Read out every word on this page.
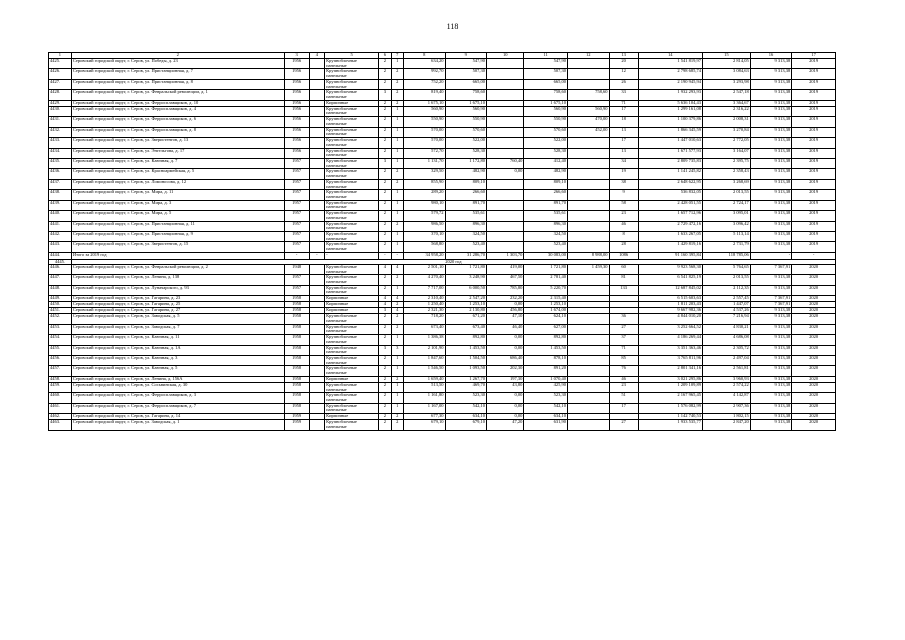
118
1	2	3	4	5	6	7	8	9	10	11	12	13	14	15	16	17
4425.	Серовский городской округ, г. Серов, ул. Победы, д. 23	1956		Крупноблочные панельные	2	1	634,20	547,90		547,90		20	1 541 819,97	2 814,05	9 313,38	2019
4426.	Серовский городской округ, г. Серов, ул. Пристанционная, д. 7	1956		Крупноблочные панельные	2	2	992,70	507,30		507,30		12	2 798 685,74	3 084,63	9 313,38	2019
4427.	Серовский городской округ, г. Серов, ул. Пристанционная, д. 8	1956		Крупноблочные панельные	2	2	752,20	665,00		665,00		26	2 190 945,94	3 293,98	9 313,38	2019
4428.	Серовский городской округ, г. Серов, ул. Февральской революции, д. 1	1956		Крупноблочные панельные	3	2	819,40	758,60		758,60	758,60	33	1 932 293,93	2 547,18	9 313,38	2019
4429.	Серовский городской округ, г. Серов, ул. Ферросплавщиков, д. 10	1956		Кирпичные	2	2	1 675,10	1 675,10		1 675,10		71	5 636 104,43	3 364,67	9 313,38	2019
4430.	Серовский городской округ, г. Серов, ул. Ферросплавщиков, д. 4	1956		Крупноблочные панельные	2	1	560,90	560,90		560,90	560,90	17	1 299 161,08	2 316,22	9 313,38	2019
4431.	Серовский городской округ, г. Серов, ул. Ферросплавщиков, д. 6	1956		Крупноблочные панельные	2	1	550,90	550,90		550,90	470,00	18	1 100 379,86	2 008,31	9 313,38	2019
4432.	Серовский городской округ, г. Серов, ул. Ферросплавщиков, д. 8	1956		Крупноблочные панельные	2	1	570,00	570,60		570,60	452,00	13	1 866 345,59	3 270,84	9 313,38	2019
4433.	Серовский городской округ, г. Серов, ул. Зверистенгов, д. 13	1956		Крупноблочные панельные	2	1	570,00	522,00		522,00		17	1 447 010,63	2 772,05	9 313,38	2019
4434.	Серовский городской округ, г. Серов, ул. Энгельгова, д. 17	1956		Крупноблочные панельные	2	1	572,70	528,30		528,30		13	1 671 577,93	3 164,07	9 313,38	2019
4435.	Серовский городской округ, г. Серов, ул. Каючная, д. 7	1957		Крупноблочные панельные	3	1	1 131,70	1 172,80	760,40	412,40		34	2 809 735,83	2 395,75	9 313,38	2019
4436.	Серовский городской округ, г. Серов, ул. Красноармейская, д. 5	1957		Крупноблочные панельные	2	2	329,50	482,90	0,00	482,90		19	1 141 245,82	2 358,43	9 313,38	2019
4437.	Серовский городской округ, г. Серов, ул. Ломоносова, д. 12	1957		Крупноблочные панельные	2	2	855,90	809,10		809,10		38	2 648 622,95	3 268,69	9 313,38	2019
4438.	Серовский городской округ, г. Серов, ул. Мира, д. 11	1957		Крупноблочные панельные	2	1	289,20	266,60		266,60		9	536 832,05	2 013,55	9 313,38	2019
4439.	Серовский городской округ, г. Серов, ул. Мира, д. 3	1957		Крупноблочные панельные	2	1	980,10	891,70		891,70		58	2 428 051,55	2 724,17	9 313,38	2019
4440.	Серовский городской округ, г. Серов, ул. Мира, д. 5	1957		Крупноблочные панельные	2	1	579,72	535,61		535,61		23	1 657 712,96	3 095,01	9 313,38	2019
4441.	Серовский городской округ, г. Серов, ул. Пристанционная, д. 11	1957		Крупноблочные панельные	2	2	986,50	896,30		896,30		46	2 729 472,16	3 096,42	9 313,38	2019
4442.	Серовский городской округ, г. Серов, ул. Пристанционная, д. 9	1957		Крупноблочные панельные	2	1	370,10	324,50		324,50		8	1 633 267,05	5 113,14	9 313,38	2019
4443.	Серовский городской округ, г. Серов, ул. Зверистенгов, д. 15	1957		Крупноблочные панельные	2	1	568,80	523,40		523,40		28	1 429 819,16	2 731,79	9 313,38	2019
4444.	Итого за 2019 год	-	-	-	-	-	34 958,20	31 286,70	1 303,70	30 083,00	8 988,00	1086	91 160 395,84	118 785,06	-	-
4445.	2020 год															
4446.	Серовский городской округ, г. Серов, ул. Февральской революции, д. 2	1948		Крупноблочные панельные	4	4	2 501,10	1 721,80	419,00	1 721,80	1 459,30	60	9 923 568,30	5 764,65	7 367,91	2020
4447.	Серовский городской округ, г. Серов, ул. Ленина, д. 138	1957		Крупноблочные панельные	2	2	4 270,40	3 248,90	467,50	2 781,40		81	6 541 825,19	2 013,55	9 313,38	2020
4448.	Серовский городской округ, г. Серов, ул. Луначарского, д. 93	1957		Крупноблочные панельные	2	1	7 717,00	6 000,50	785,80	5 220,70		133	12 687 845,02	2 112,35	9 313,38	2020
4449.	Серовский городской округ, г. Серов, ул. Гагарина, д. 23	1958		Кирпичные	4	4	2 310,40	2 547,20	232,20	2 315,40			6 515 603,63	2 557,45	7 367,91	2020
4450.	Серовский городской округ, г. Серов, ул. Гагарина, д. 25	1958		Кирпичные	4	2	1 250,40	1 253,10	0,00	1 253,10			1 811 203,43	1 447,07	7 367,91	2020
4451.	Серовский городской округ, г. Серов, ул. Гагарина, д. 27	1958		Кирпичные	3	4	2 321,30	2 130,80	456,80	1 674,00			9 667 982,36	4 537,26	9 313,38	2020
4452.	Серовский городской округ, г. Серов, ул. Заводская, д. 5	1958		Крупноблочные панельные	2	2	718,20	671,20	47,10	624,10		36	4 844 010,20	7 216,94	9 313,38	2020
4453.	Серовский городской округ, г. Серов, ул. Заводская, д. 7	1958		Крупноблочные панельные	2	2	673,40	673,40	46,40	627,00		27	3 252 664,52	4 830,21	9 313,38	2020
4454.	Серовский городской округ, г. Серов, ул. Каючная, д. 11	1958		Крупноблочные панельные	2	1	1 386,38	892,80	0,00	892,80		37	4 186 269,44	4 686,08	9 313,38	2020
4455.	Серовский городской округ, г. Серов, ул. Каючная, д. 1А	1958		Крупноблочные панельные	3	3	2 101,90	1 453,50	0,00	1 453,50		71	3 351 363,46	2 305,72	9 313,38	2020
4456.	Серовский городской округ, г. Серов, ул. Каючная, д. 3	1958		Крупноблочные панельные	2	1	1 847,60	1 504,50	686,40	878,10		85	3 765 811,96	2 497,04	9 313,38	2020
4457.	Серовский городской округ, г. Серов, ул. Каючная, д. 5	1958		Крупноблочные панельные	2	1	1 546,50	1 093,50	202,30	891,20		76	2 801 341,16	2 561,81	9 313,38	2020
4458.	Серовский городской округ, г. Серов, ул. Ленина, д. 156А	1958		Кирпичные	2	2	1 659,40	1 267,70	197,30	1 070,40		46	3 021 295,86	3 960,93	9 313,38	2020
4459.	Серовский городской округ, г. Серов, ул. Сосьвинская, д. 30	1958		Крупноблочные панельные	2	1	513,50	469,70	43,80	425,90		23	1 209 109,89	2 574,22	9 313,38	2020
4460.	Серовский городской округ, г. Серов, ул. Ферросплавщиков, д. 3	1958		Крупноблочные панельные	2	1	1 161,80	523,30	0,00	523,30		51	2 167 965,45	4 142,87	9 313,38	2020
4461.	Серовский городской округ, г. Серов, ул. Ферросплавщиков, д. 7	1958		Крупноблочные панельные	2	1	1 167,00	542,10	0,00	542,10		17	1 576 082,99	2 907,36	9 313,38	2020
4462.	Серовский городской округ, г. Серов, ул. Гагарина, д. 14	1959		Кирпичные	2	2	677,30	634,10	0,00	634,10			1 142 740,53	1 802,15	9 313,38	2020
4463.	Серовский городской округ, г. Серов, ул. Заводская, д. 1	1959		Крупноблочные панельные	2	2	679,10	679,10	47,20	631,90		27	1 933 535,77	2 847,20	9 313,38	2020
